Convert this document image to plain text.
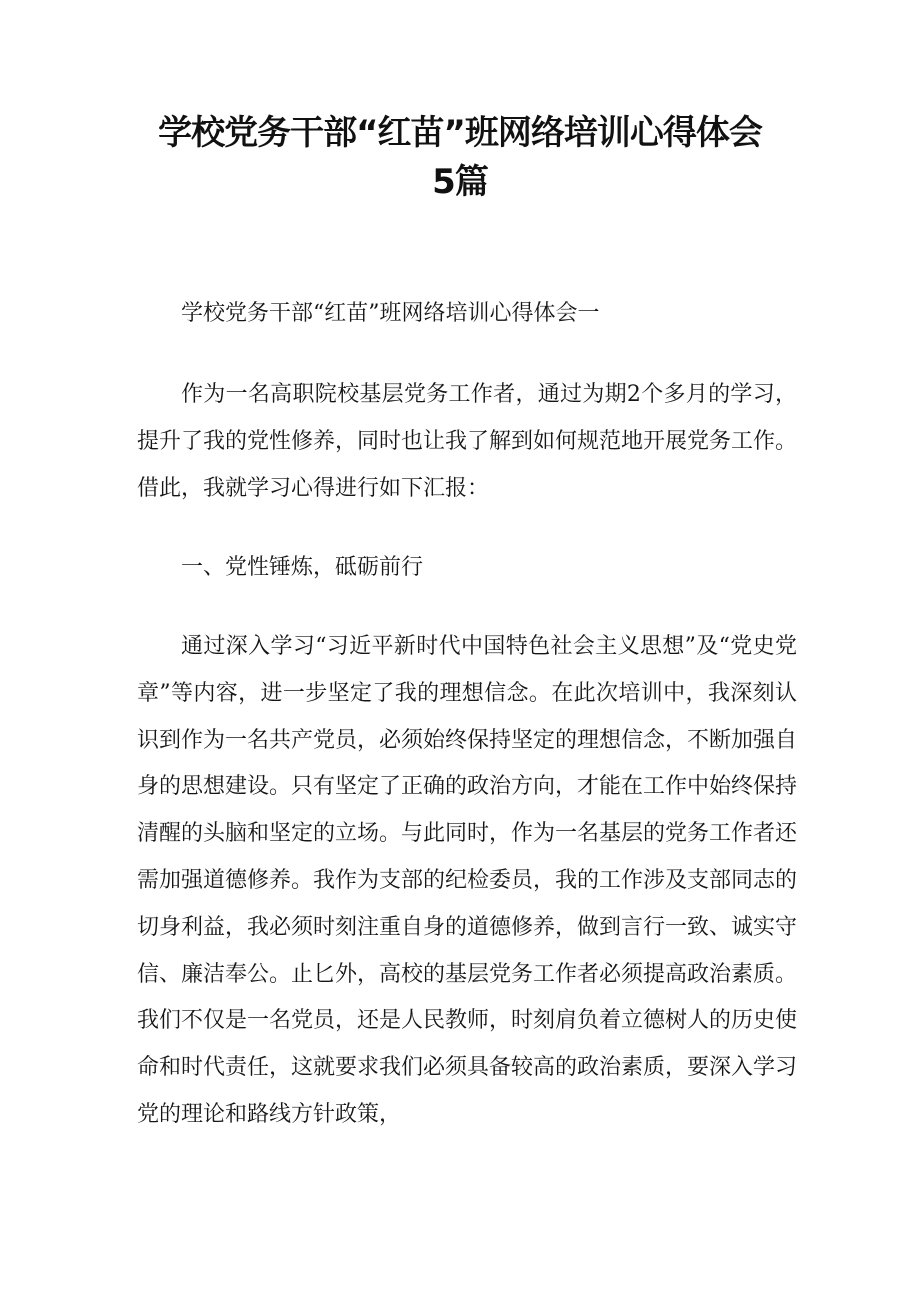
学校党务干部“红苗”班网络培训心得体会
5篇

学校党务干部“红苗”班网络培训心得体会一

作为一名高职院校基层党务工作者，通过为期2个多月的学习，提升了我的党性修养，同时也让我了解到如何规范地开展党务工作。借此，我就学习心得进行如下汇报：

一、党性锤炼，砥砺前行

通过深入学习“习近平新时代中国特色社会主义思想”及“党史党章”等内容，进一步坚定了我的理想信念。在此次培训中，我深刻认识到作为一名共产党员，必须始终保持坚定的理想信念，不断加强自身的思想建设。只有坚定了正确的政治方向，才能在工作中始终保持清醒的头脑和坚定的立场。与此同时，作为一名基层的党务工作者还需加强道德修养。我作为支部的纪检委员，我的工作涉及支部同志的切身利益，我必须时刻注重自身的道德修养，做到言行一致、诚实守信、廉洁奉公。止匕外，高校的基层党务工作者必须提高政治素质。我们不仅是一名党员，还是人民教师，时刻肩负着立德树人的历史使命和时代责任，这就要求我们必须具备较高的政治素质，要深入学习党的理论和路线方针政策，
